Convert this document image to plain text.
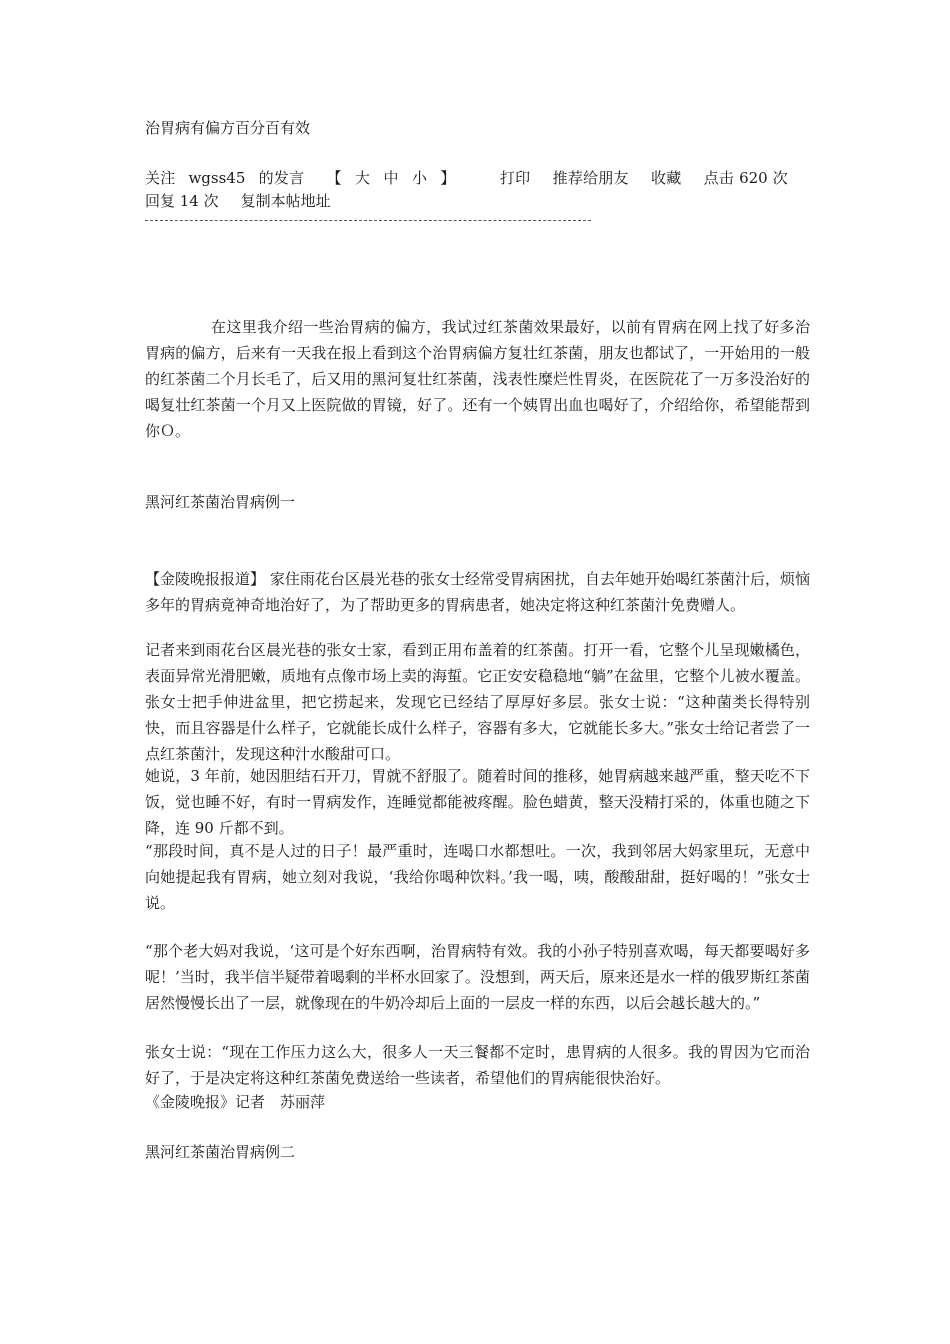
治胃病有偏方百分百有效
关注 wgss45 的发言 【 大 中 小 】	打印 推荐给朋友 收藏 点击 620 次回复 14 次 复制本帖地址

在这里我介绍一些治胃病的偏方，我试过红茶菌效果最好，以前有胃病在网上找了好多治胃病的偏方，后来有一天我在报上看到这个治胃病偏方复壮红茶菌，朋友也都试了，一开始用的一般的红茶菌二个月长毛了，后又用的黑河复壮红茶菌，浅表性糜烂性胃炎，在医院花了一万多没治好的喝复壮红茶菌一个月又上医院做的胃镜，好了。还有一个姨胃出血也喝好了，介绍给你，希望能帮到你Ｏ。

黑河红茶菌治胃病例一

【金陵晚报报道】 家住雨花台区晨光巷的张女士经常受胃病困扰，自去年她开始喝红茶菌汁后，烦恼多年的胃病竟神奇地治好了，为了帮助更多的胃病患者，她决定将这种红茶菌汁免费赠人。

记者来到雨花台区晨光巷的张女士家，看到正用布盖着的红茶菌。打开一看，它整个儿呈现嫩橘色，表面异常光滑肥嫩，质地有点像市场上卖的海蜇。它正安安稳稳地“躺”在盆里，它整个儿被水覆盖。张女士把手伸进盆里，把它捞起来，发现它已经结了厚厚好多层。张女士说：“这种菌类长得特别快，而且容器是什么样子，它就能长成什么样子，容器有多大，它就能长多大。”张女士给记者尝了一点红茶菌汁，发现这种汁水酸甜可口。

她说，3 年前，她因胆结石开刀，胃就不舒服了。随着时间的推移，她胃病越来越严重，整天吃不下饭，觉也睡不好，有时一胃病发作，连睡觉都能被疼醒。脸色蜡黄，整天没精打采的，体重也随之下降，连 90 斤都不到。

“那段时间，真不是人过的日子！最严重时，连喝口水都想吐。一次，我到邻居大妈家里玩，无意中向她提起我有胃病，她立刻对我说，‘我给你喝种饮料。’我一喝，咦，酸酸甜甜，挺好喝的！”张女士说。

“那个老大妈对我说，‘这可是个好东西啊，治胃病特有效。我的小孙子特别喜欢喝，每天都要喝好多呢！’当时，我半信半疑带着喝剩的半杯水回家了。没想到，两天后，原来还是水一样的俄罗斯红茶菌居然慢慢长出了一层，就像现在的牛奶冷却后上面的一层皮一样的东西，以后会越长越大的。”

张女士说：“现在工作压力这么大，很多人一天三餐都不定时，患胃病的人很多。我的胃因为它而治好了，于是决定将这种红茶菌免费送给一些读者，希望他们的胃病能很快治好。

《金陵晚报》记者　苏丽萍

黑河红茶菌治胃病例二
